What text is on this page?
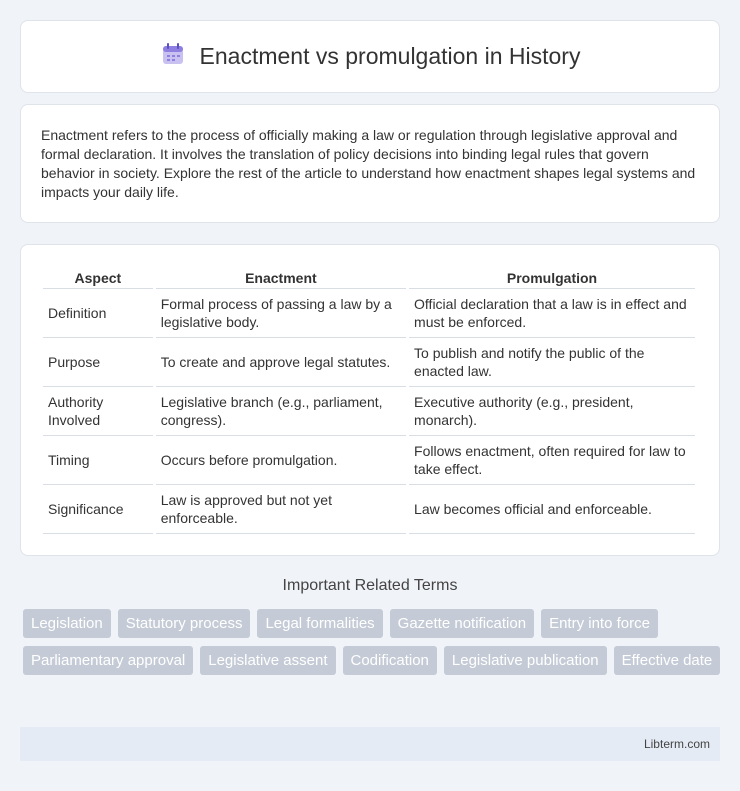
Enactment vs promulgation in History

Enactment refers to the process of officially making a law or regulation through legislative approval and formal declaration. It involves the translation of policy decisions into binding legal rules that govern behavior in society. Explore the rest of the article to understand how enactment shapes legal systems and impacts your daily life.

Aspect	Enactment	Promulgation
Definition	Formal process of passing a law by a legislative body.	Official declaration that a law is in effect and must be enforced.
Purpose	To create and approve legal statutes.	To publish and notify the public of the enacted law.
Authority Involved	Legislative branch (e.g., parliament, congress).	Executive authority (e.g., president, monarch).
Timing	Occurs before promulgation.	Follows enactment, often required for law to take effect.
Significance	Law is approved but not yet enforceable.	Law becomes official and enforceable.
Important Related Terms
Legislation	Statutory process	Legal formalities	Gazette notification	Entry into force
Parliamentary approval	Legislative assent	Codification	Legislative publication	Effective date
Libterm.com
